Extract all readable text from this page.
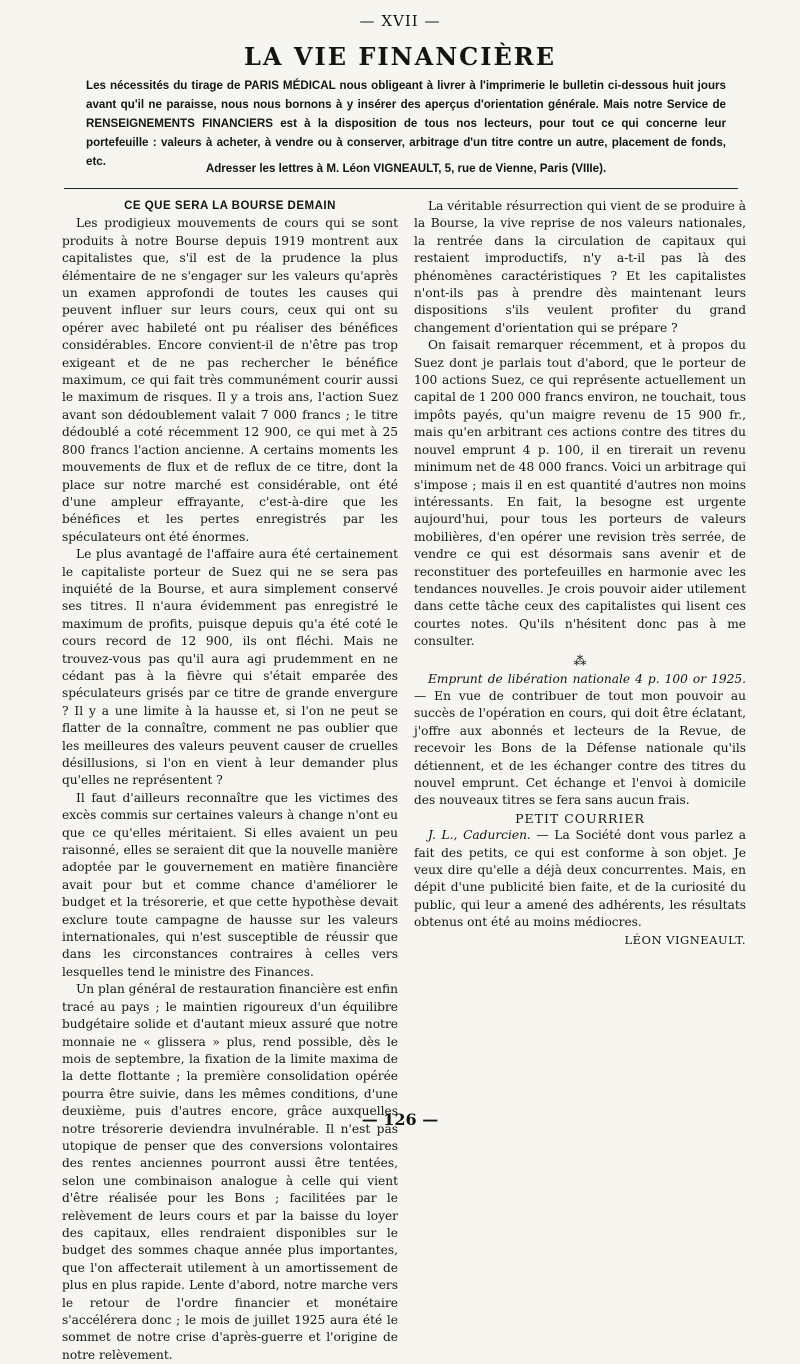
— XVII —
LA VIE FINANCIÈRE
Les nécessités du tirage de PARIS MÉDICAL nous obligeant à livrer à l'imprimerie le bulletin ci-dessous huit jours avant qu'il ne paraisse, nous nous bornons à y insérer des aperçus d'orientation générale. Mais notre Service de RENSEIGNEMENTS FINANCIERS est à la disposition de tous nos lecteurs, pour tout ce qui concerne leur portefeuille : valeurs à acheter, à vendre ou à conserver, arbitrage d'un titre contre un autre, placement de fonds, etc.
Adresser les lettres à M. Léon VIGNEAULT, 5, rue de Vienne, Paris (VIIIe).

CE QUE SERA LA BOURSE DEMAIN

Les prodigieux mouvements de cours qui se sont produits à notre Bourse depuis 1919 montrent aux capitalistes que, s'il est de la prudence la plus élémentaire de ne s'engager sur les valeurs qu'après un examen approfondi de toutes les causes qui peuvent influer sur leurs cours, ceux qui ont su opérer avec habileté ont pu réaliser des bénéfices considérables. Encore convient-il de n'être pas trop exigeant et de ne pas rechercher le bénéfice maximum, ce qui fait très communément courir aussi le maximum de risques. Il y a trois ans, l'action Suez avant son dédoublement valait 7 000 francs ; le titre dédoublé a coté récemment 12 900, ce qui met à 25 800 francs l'action ancienne. A certains moments les mouvements de flux et de reflux de ce titre, dont la place sur notre marché est considérable, ont été d'une ampleur effrayante, c'est-à-dire que les bénéfices et les pertes enregistrés par les spéculateurs ont été énormes.

Le plus avantagé de l'affaire aura été certainement le capitaliste porteur de Suez qui ne se sera pas inquiété de la Bourse, et aura simplement conservé ses titres. Il n'aura évidemment pas enregistré le maximum de profits, puisque depuis qu'a été coté le cours record de 12 900, ils ont fléchi. Mais ne trouvez-vous pas qu'il aura agi prudemment en ne cédant pas à la fièvre qui s'était emparée des spéculateurs grisés par ce titre de grande envergure ? Il y a une limite à la hausse et, si l'on ne peut se flatter de la connaître, comment ne pas oublier que les meilleures des valeurs peuvent causer de cruelles désillusions, si l'on en vient à leur demander plus qu'elles ne représentent ?

Il faut d'ailleurs reconnaître que les victimes des excès commis sur certaines valeurs à change n'ont eu que ce qu'elles méritaient. Si elles avaient un peu raisonné, elles se seraient dit que la nouvelle manière adoptée par le gouvernement en matière financière avait pour but et comme chance d'améliorer le budget et la trésorerie, et que cette hypothèse devait exclure toute campagne de hausse sur les valeurs internationales, qui n'est susceptible de réussir que dans les circonstances contraires à celles vers lesquelles tend le ministre des Finances.

Un plan général de restauration financière est enfin tracé au pays ; le maintien rigoureux d'un équilibre budgétaire solide et d'autant mieux assuré que notre monnaie ne « glissera » plus, rend possible, dès le mois de septembre, la fixation de la limite maxima de la dette flottante ; la première consolidation opérée pourra être suivie, dans les mêmes conditions, d'une deuxième, puis d'autres encore, grâce auxquelles notre trésorerie deviendra invulnérable. Il n'est pas utopique de penser que des conversions volontaires des rentes anciennes pourront aussi être tentées, selon une combinaison analogue à celle qui vient d'être réalisée pour les Bons ; facilitées par le relèvement de leurs cours et par la baisse du loyer des capitaux, elles rendraient disponibles sur le budget des sommes chaque année plus importantes, que l'on affecterait utilement à un amortissement de plus en plus rapide. Lente d'abord, notre marche vers le retour de l'ordre financier et monétaire s'accélérera donc ; le mois de juillet 1925 aura été le sommet de notre crise d'après-guerre et l'origine de notre relèvement.

La véritable résurrection qui vient de se produire à la Bourse, la vive reprise de nos valeurs nationales, la rentrée dans la circulation de capitaux qui restaient improductifs, n'y a-t-il pas là des phénomènes caractéristiques ? Et les capitalistes n'ont-ils pas à prendre dès maintenant leurs dispositions s'ils veulent profiter du grand changement d'orientation qui se prépare ?

On faisait remarquer récemment, et à propos du Suez dont je parlais tout d'abord, que le porteur de 100 actions Suez, ce qui représente actuellement un capital de 1 200 000 francs environ, ne touchait, tous impôts payés, qu'un maigre revenu de 15 900 fr., mais qu'en arbitrant ces actions contre des titres du nouvel emprunt 4 p. 100, il en tirerait un revenu minimum net de 48 000 francs. Voici un arbitrage qui s'impose ; mais il en est quantité d'autres non moins intéressants. En fait, la besogne est urgente aujourd'hui, pour tous les porteurs de valeurs mobilières, d'en opérer une revision très serrée, de vendre ce qui est désormais sans avenir et de reconstituer des portefeuilles en harmonie avec les tendances nouvelles. Je crois pouvoir aider utilement dans cette tâche ceux des capitalistes qui lisent ces courtes notes. Qu'ils n'hésitent donc pas à me consulter.

⁂

Emprunt de libération nationale 4 p. 100 or 1925. — En vue de contribuer de tout mon pouvoir au succès de l'opération en cours, qui doit être éclatant, j'offre aux abonnés et lecteurs de la Revue, de recevoir les Bons de la Défense nationale qu'ils détiennent, et de les échanger contre des titres du nouvel emprunt. Cet échange et l'envoi à domicile des nouveaux titres se fera sans aucun frais.

PETIT COURRIER

J. L., Cadurcien. — La Société dont vous parlez a fait des petits, ce qui est conforme à son objet. Je veux dire qu'elle a déjà deux concurrentes. Mais, en dépit d'une publicité bien faite, et de la curiosité du public, qui leur a amené des adhérents, les résultats obtenus ont été au moins médiocres.

LÉON VIGNEAULT.

— 126 —
